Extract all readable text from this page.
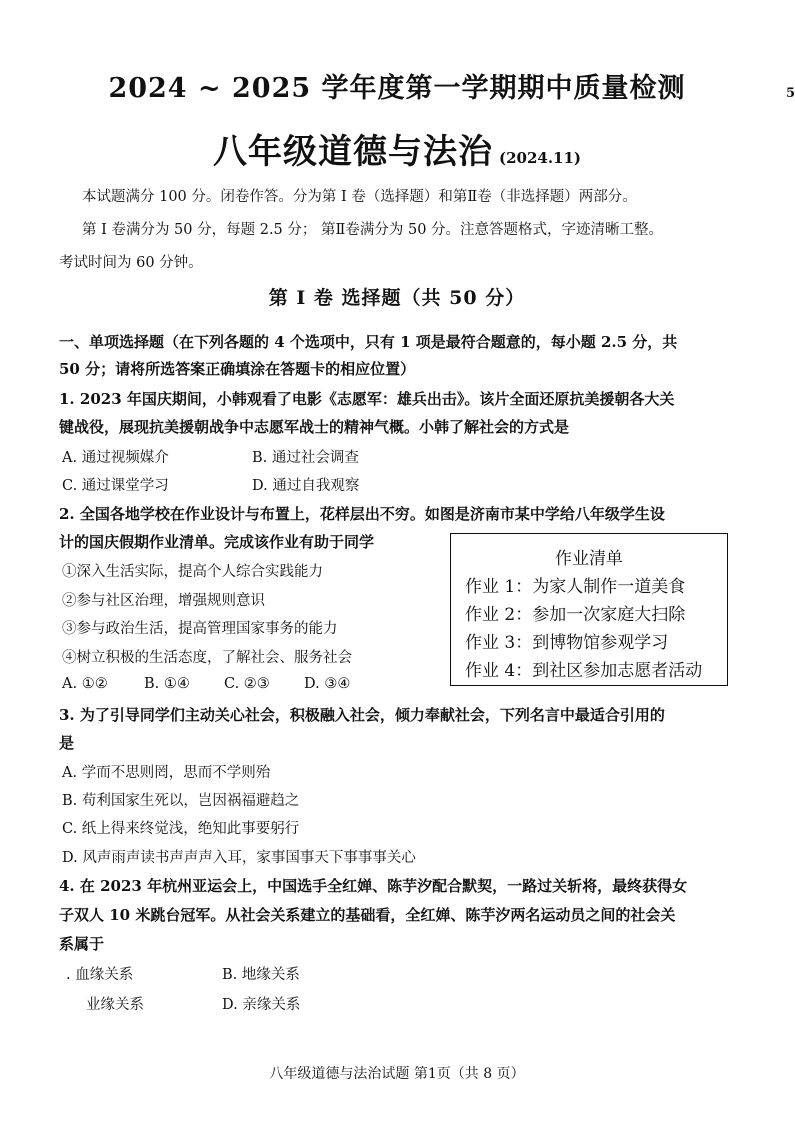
5
2024 ~ 2025 学年度第一学期期中质量检测
八年级道德与法治 (2024.11)
本试题满分 100 分。闭卷作答。分为第 I 卷（选择题）和第Ⅱ卷（非选择题）两部分。
第 I 卷满分为 50 分，每题 2.5 分； 第Ⅱ卷满分为 50 分。注意答题格式，字迹清晰工整。
考试时间为 60 分钟。
第 I 卷 选择题（共 50 分）
一、单项选择题（在下列各题的 4 个选项中，只有 1 项是最符合题意的，每小题 2.5 分，共
50 分；请将所选答案正确填涂在答题卡的相应位置）
1. 2023 年国庆期间，小韩观看了电影《志愿军：雄兵出击》。该片全面还原抗美援朝各大关
键战役，展现抗美援朝战争中志愿军战士的精神气概。小韩了解社会的方式是
A. 通过视频媒介	B. 通过社会调查
C. 通过课堂学习	D. 通过自我观察
2. 全国各地学校在作业设计与布置上，花样层出不穷。如图是济南市某中学给八年级学生设
计的国庆假期作业清单。完成该作业有助于同学
①深入生活实际，提高个人综合实践能力
②参与社区治理，增强规则意识
③参与政治生活，提高管理国家事务的能力
④树立积极的生活态度，了解社会、服务社会
A. ①②	B. ①④ C. ②③ D. ③④
作业清单
作业 1：为家人制作一道美食
作业 2：参加一次家庭大扫除
作业 3：到博物馆参观学习
作业 4：到社区参加志愿者活动
3. 为了引导同学们主动关心社会，积极融入社会，倾力奉献社会，下列名言中最适合引用的
是
A. 学而不思则罔，思而不学则殆
B. 苟利国家生死以，岂因祸福避趋之
C. 纸上得来终觉浅，绝知此事要躬行
D. 风声雨声读书声声声入耳，家事国事天下事事事关心
4. 在 2023 年杭州亚运会上，中国选手全红婵、陈芋汐配合默契，一路过关斩将，最终获得女
子双人 10 米跳台冠军。从社会关系建立的基础看，全红婵、陈芋汐两名运动员之间的社会关
系属于
. 血缘关系	B. 地缘关系
业缘关系	D. 亲缘关系
八年级道德与法治试题 第1页（共 8 页）
